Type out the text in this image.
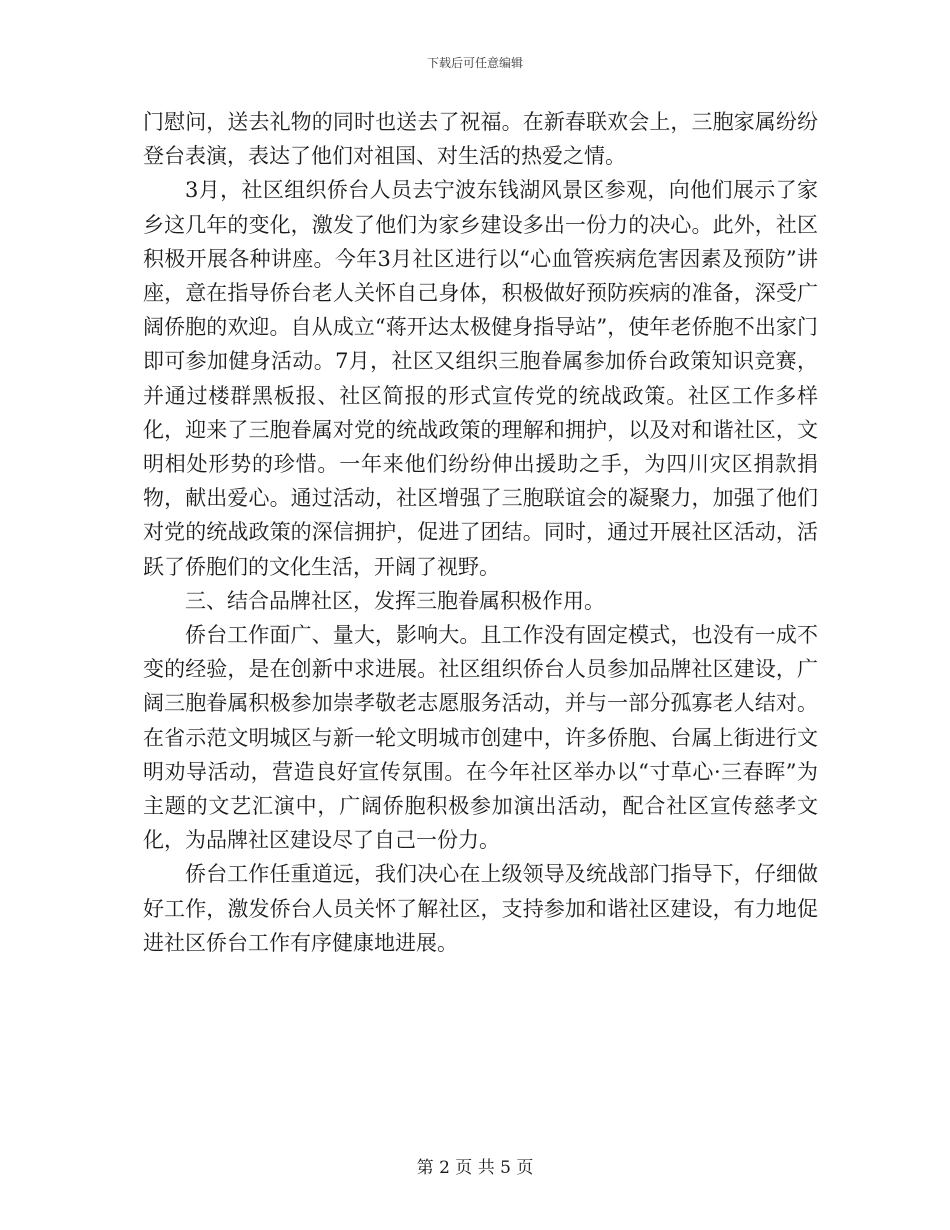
下载后可任意编辑

门慰问，送去礼物的同时也送去了祝福。在新春联欢会上，三胞家属纷纷登台表演，表达了他们对祖国、对生活的热爱之情。

3月，社区组织侨台人员去宁波东钱湖风景区参观，向他们展示了家乡这几年的变化，激发了他们为家乡建设多出一份力的决心。此外，社区积极开展各种讲座。今年3月社区进行以“心血管疾病危害因素及预防”讲座，意在指导侨台老人关怀自己身体，积极做好预防疾病的准备，深受广阔侨胞的欢迎。自从成立“蒋开达太极健身指导站”，使年老侨胞不出家门即可参加健身活动。7月，社区又组织三胞眷属参加侨台政策知识竞赛，并通过楼群黑板报、社区简报的形式宣传党的统战政策。社区工作多样化，迎来了三胞眷属对党的统战政策的理解和拥护，以及对和谐社区，文明相处形势的珍惜。一年来他们纷纷伸出援助之手，为四川灾区捐款捐物，献出爱心。通过活动，社区增强了三胞联谊会的凝聚力，加强了他们对党的统战政策的深信拥护，促进了团结。同时，通过开展社区活动，活跃了侨胞们的文化生活，开阔了视野。

三、结合品牌社区，发挥三胞眷属积极作用。

侨台工作面广、量大，影响大。且工作没有固定模式，也没有一成不变的经验，是在创新中求进展。社区组织侨台人员参加品牌社区建设，广阔三胞眷属积极参加崇孝敬老志愿服务活动，并与一部分孤寡老人结对。在省示范文明城区与新一轮文明城市创建中，许多侨胞、台属上街进行文明劝导活动，营造良好宣传氛围。在今年社区举办以“寸草心·三春晖”为主题的文艺汇演中，广阔侨胞积极参加演出活动，配合社区宣传慈孝文化，为品牌社区建设尽了自己一份力。

侨台工作任重道远，我们决心在上级领导及统战部门指导下，仔细做好工作，激发侨台人员关怀了解社区，支持参加和谐社区建设，有力地促进社区侨台工作有序健康地进展。

第 2 页 共 5 页
